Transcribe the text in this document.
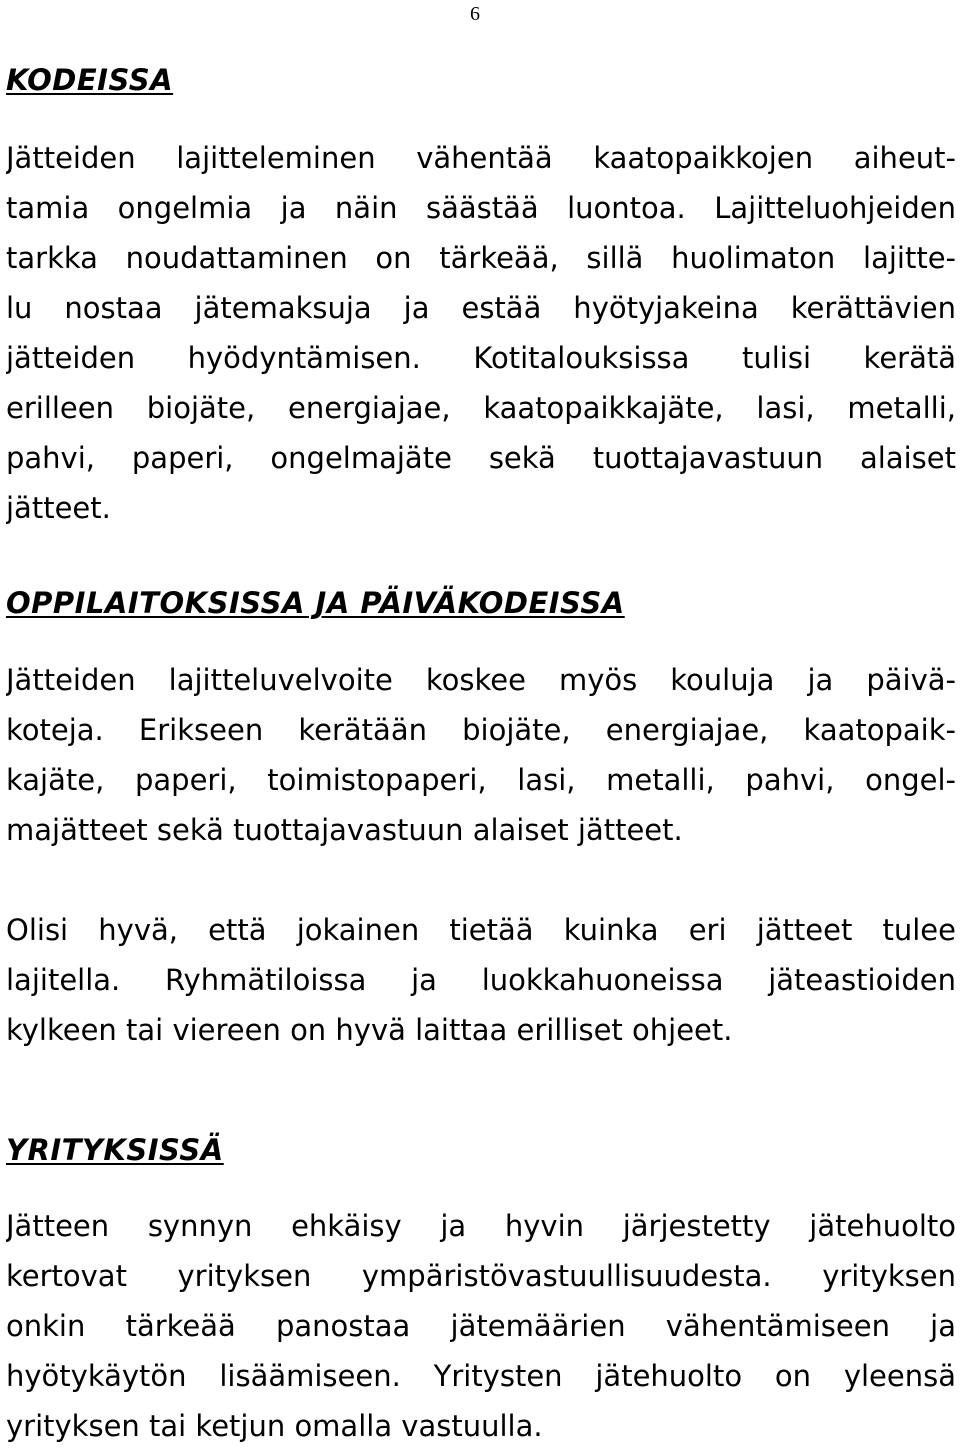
6
KODEISSA
Jätteiden lajitteleminen vähentää kaatopaikkojen aiheut-
tamia ongelmia ja näin säästää luontoa. Lajitteluohjeiden
tarkka noudattaminen on tärkeää, sillä huolimaton lajitte-
lu nostaa jätemaksuja ja estää hyötyjakeina kerättävien
jätteiden hyödyntämisen. Kotitalouksissa tulisi kerätä
erilleen biojäte, energiajae, kaatopaikkajäte, lasi, metalli,
pahvi, paperi, ongelmajäte sekä tuottajavastuun alaiset
jätteet.
OPPILAITOKSISSA JA PÄIVÄKODEISSA
Jätteiden lajitteluvelvoite koskee myös kouluja ja päivä-
koteja. Erikseen kerätään biojäte, energiajae, kaatopaik-
kajäte, paperi, toimistopaperi, lasi, metalli, pahvi, ongel-
majätteet sekä tuottajavastuun alaiset jätteet.
Olisi hyvä, että jokainen tietää kuinka eri jätteet tulee
lajitella. Ryhmätiloissa ja luokkahuoneissa jäteastioiden
kylkeen tai viereen on hyvä laittaa erilliset ohjeet.
YRITYKSISSÄ
Jätteen synnyn ehkäisy ja hyvin järjestetty jätehuolto
kertovat yrityksen ympäristövastuullisuudesta. yrityksen
onkin tärkeää panostaa jätemäärien vähentämiseen ja
hyötykäytön lisäämiseen. Yritysten jätehuolto on yleensä
yrityksen tai ketjun omalla vastuulla.
